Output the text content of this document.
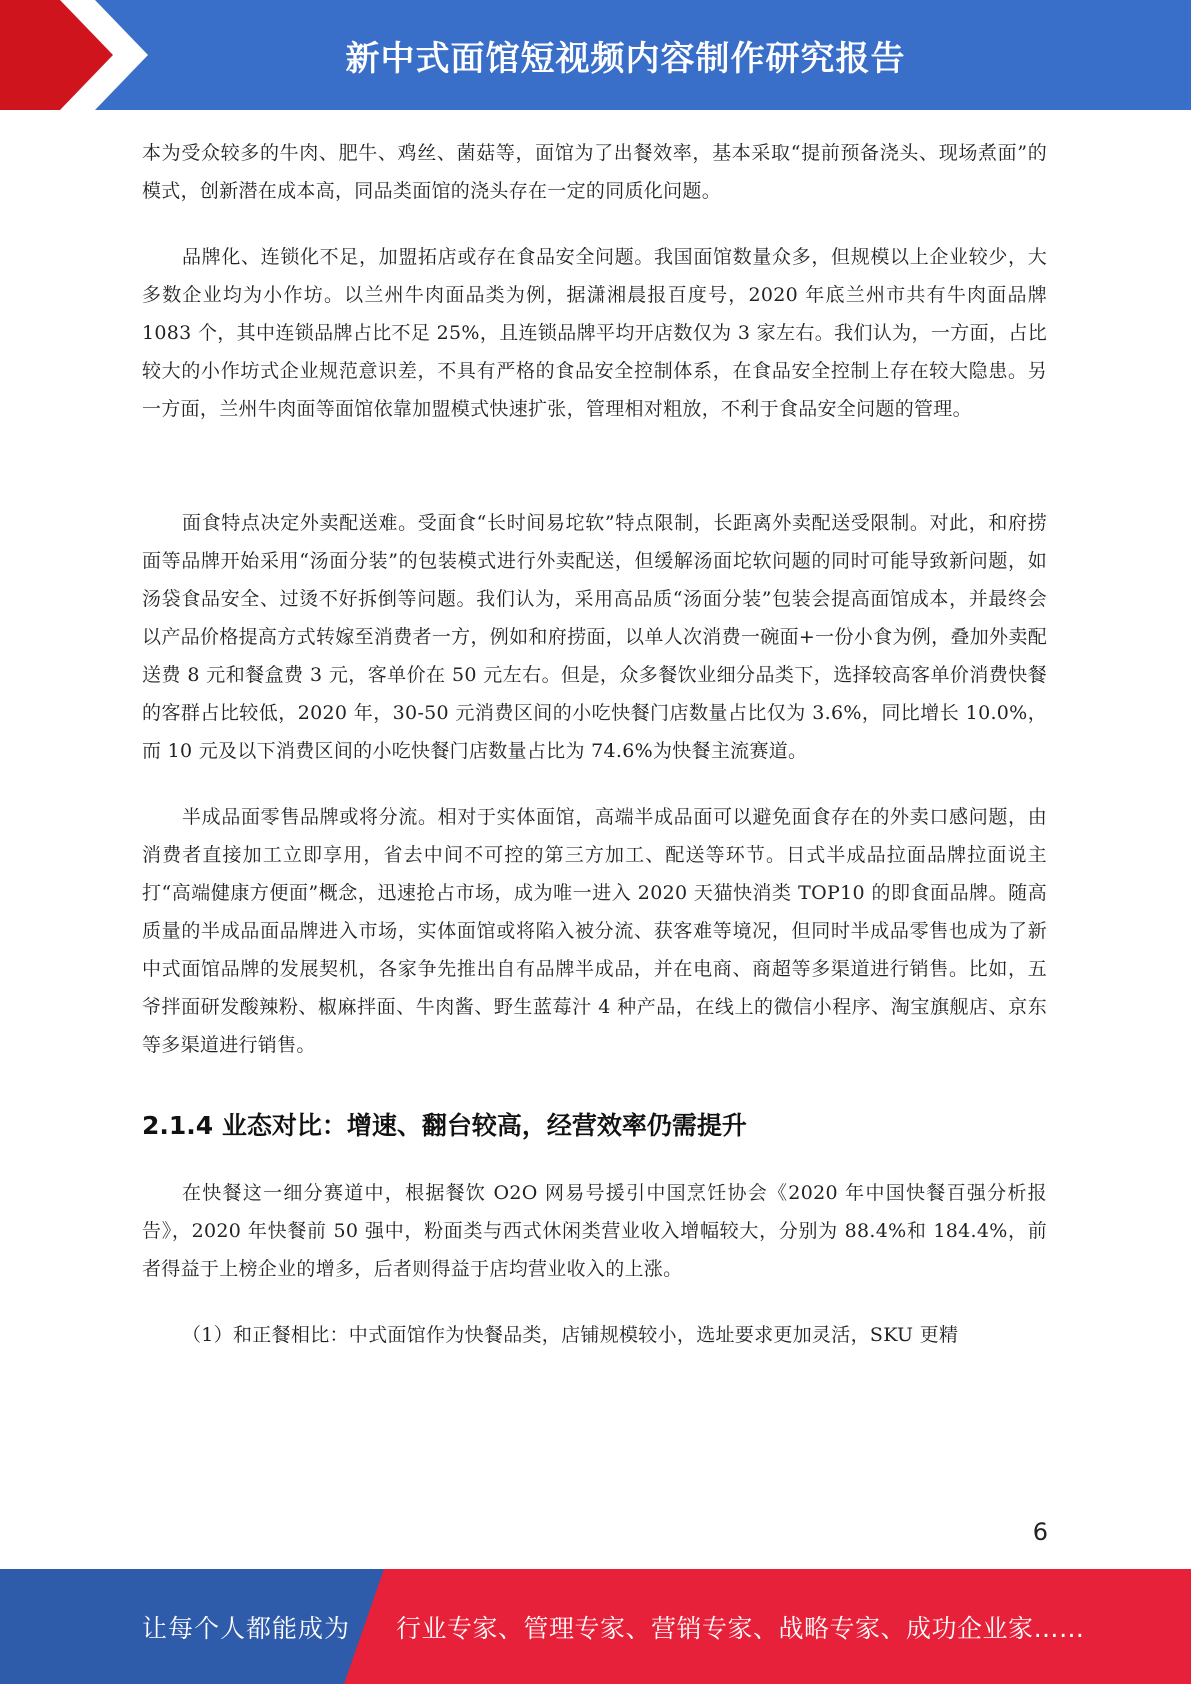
新中式面馆短视频内容制作研究报告

本为受众较多的牛肉、肥牛、鸡丝、菌菇等，面馆为了出餐效率，基本采取“提前预备浇头、现场煮面”的模式，创新潜在成本高，同品类面馆的浇头存在一定的同质化问题。

品牌化、连锁化不足，加盟拓店或存在食品安全问题。我国面馆数量众多，但规模以上企业较少，大多数企业均为小作坊。以兰州牛肉面品类为例，据潇湘晨报百度号，2020 年底兰州市共有牛肉面品牌 1083 个，其中连锁品牌占比不足 25%，且连锁品牌平均开店数仅为 3 家左右。我们认为，一方面，占比较大的小作坊式企业规范意识差，不具有严格的食品安全控制体系，在食品安全控制上存在较大隐患。另一方面，兰州牛肉面等面馆依靠加盟模式快速扩张，管理相对粗放，不利于食品安全问题的管理。

面食特点决定外卖配送难。受面食“长时间易坨软”特点限制，长距离外卖配送受限制。对此，和府捞面等品牌开始采用“汤面分装”的包装模式进行外卖配送，但缓解汤面坨软问题的同时可能导致新问题，如汤袋食品安全、过烫不好拆倒等问题。我们认为，采用高品质“汤面分装”包装会提高面馆成本，并最终会以产品价格提高方式转嫁至消费者一方，例如和府捞面，以单人次消费一碗面+一份小食为例，叠加外卖配送费 8 元和餐盒费 3 元，客单价在 50 元左右。但是，众多餐饮业细分品类下，选择较高客单价消费快餐的客群占比较低，2020 年，30-50 元消费区间的小吃快餐门店数量占比仅为 3.6%，同比增长 10.0%，而 10 元及以下消费区间的小吃快餐门店数量占比为 74.6%为快餐主流赛道。

半成品面零售品牌或将分流。相对于实体面馆，高端半成品面可以避免面食存在的外卖口感问题，由消费者直接加工立即享用，省去中间不可控的第三方加工、配送等环节。日式半成品拉面品牌拉面说主打“高端健康方便面”概念，迅速抢占市场，成为唯一进入 2020 天猫快消类 TOP10 的即食面品牌。随高质量的半成品面品牌进入市场，实体面馆或将陷入被分流、获客难等境况，但同时半成品零售也成为了新中式面馆品牌的发展契机，各家争先推出自有品牌半成品，并在电商、商超等多渠道进行销售。比如，五爷拌面研发酸辣粉、椒麻拌面、牛肉酱、野生蓝莓汁 4 种产品，在线上的微信小程序、淘宝旗舰店、京东等多渠道进行销售。

2.1.4 业态对比：增速、翻台较高，经营效率仍需提升

在快餐这一细分赛道中，根据餐饮 O2O 网易号援引中国烹饪协会《2020 年中国快餐百强分析报告》，2020 年快餐前 50 强中，粉面类与西式休闲类营业收入增幅较大，分别为 88.4%和 184.4%，前者得益于上榜企业的增多，后者则得益于店均营业收入的上涨。

（1）和正餐相比：中式面馆作为快餐品类，店铺规模较小，选址要求更加灵活，SKU 更精

6
让每个人都能成为 行业专家、管理专家、营销专家、战略专家、成功企业家……
